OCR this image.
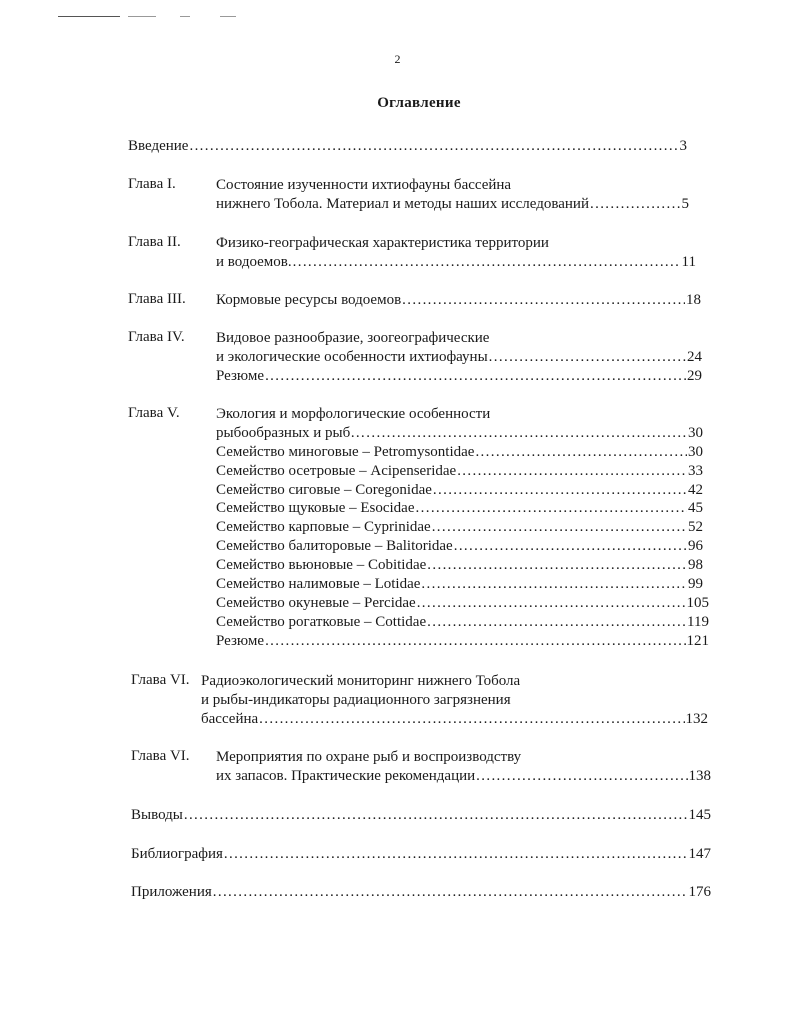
2
Оглавление
Введение . . .	3
Глава I.	Состояние изученности ихтиофауны бассейна
нижнего Тобола. Материал и методы наших исследований . . .	5
Глава II. Физико-географическая характеристика территории
и водоемов. . . .	11
Глава III. Кормовые ресурсы водоемов . . .	18
Глава IV. Видовое разнообразие, зоогеографические
и экологические особенности ихтиофауны . . .	24
Резюме . . .	29
Глава V. Экология и морфологические особенности
рыбообразных и рыб… . . .	30
Семейство миноговые – Petromysontidae . . .	30
Семейство осетровые – Acipenseridae . . .	33
Семейство сиговые – Coregonidae . . .	42
Семейство щуковые – Esocidae . . .	45
Семейство карповые – Cyprinidae . . .	52
Семейство балиторовые – Balitoridae . . .	96
Семейство вьюновые – Cobitidae . . .	98
Семейство налимовые – Lotidae . . .	99
Семейство окуневые – Percidae . . .	105
Семейство рогатковые – Cottidae . . .	119
Резюме . . .	121
Глава VI. Радиоэкологический мониторинг нижнего Тобола
и рыбы-индикаторы радиационного загрязнения
бассейна . . .	132
Глава VI. Мероприятия по охране рыб и воспроизводству
их запасов. Практические рекомендации . . .	138
Выводы . . .	145
Библиография . . .	147
Приложения . . .	176
